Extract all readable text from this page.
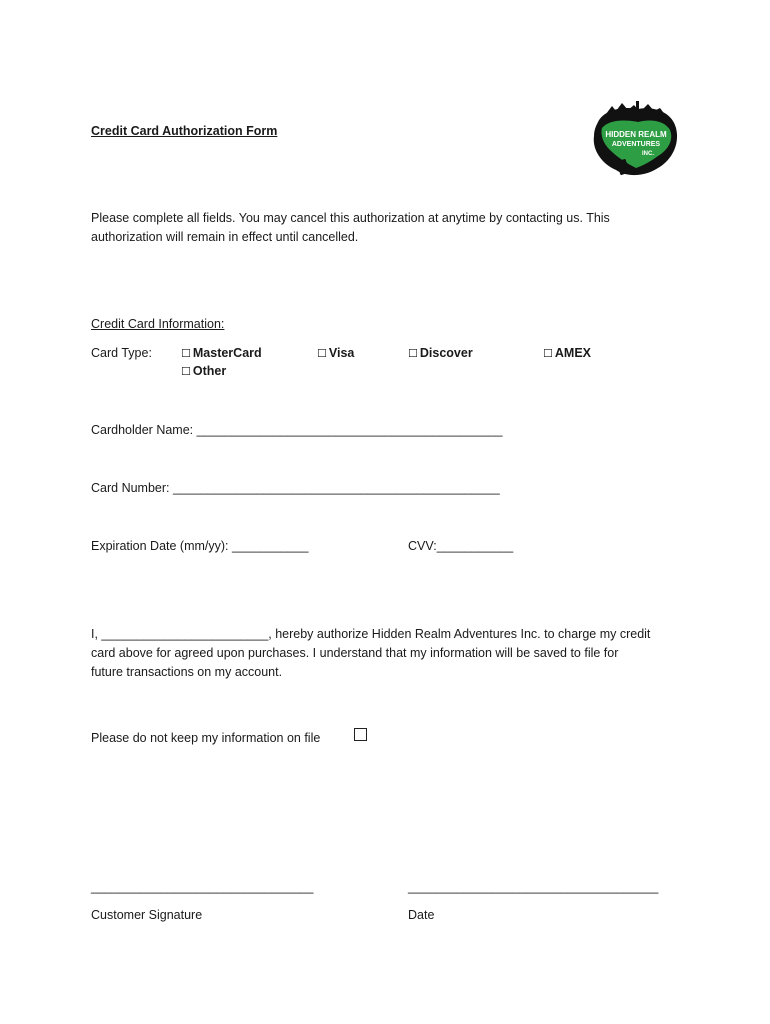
Credit Card Authorization Form	HIDDEN REALM
ADVENTURES
INC.
Please complete all fields. You may cancel this authorization at anytime by contacting us. This
authorization will remain in effect until cancelled.
Credit Card Information:
Card Type:	☐ MasterCard	☐ Visa	☐ Discover	☐ AMEX
☐ Other
Cardholder Name: ____________________________________________
Card Number: _______________________________________________
Expiration Date (mm/yy): ___________	CVV:___________
I, ________________________, hereby authorize Hidden Realm Adventures Inc. to charge my credit
card above for agreed upon purchases. I understand that my information will be saved to file for
future transactions on my account.
Please do not keep my information on file
________________________________	____________________________________
Customer Signature	Date
